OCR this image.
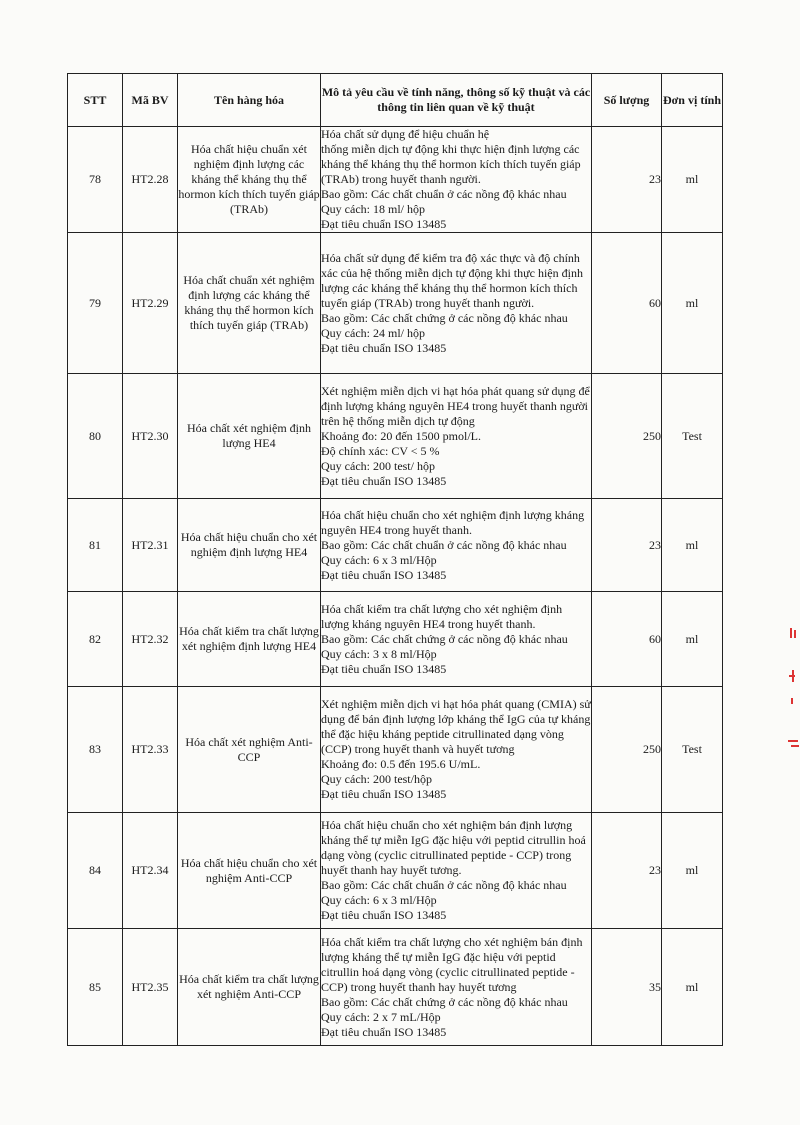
STT	Mã BV	Tên hàng hóa	Mô tả yêu cầu về tính năng, thông số kỹ thuật và các thông tin liên quan về kỹ thuật	Số lượng	Đơn vị tính
78	HT2.28	Hóa chất hiệu chuẩn xét nghiệm định lượng các kháng thể kháng thụ thể hormon kích thích tuyến giáp (TRAb)	Hóa chất sử dụng để hiệu chuẩn hệ
thống miễn dịch tự động khi thực hiện định lượng các kháng thể kháng thụ thể hormon kích thích tuyến giáp (TRAb) trong huyết thanh người.
Bao gồm: Các chất chuẩn ở các nồng độ khác nhau
Quy cách: 18 ml/ hộp
Đạt tiêu chuẩn ISO 13485	23	ml
79	HT2.29	Hóa chất chuẩn xét nghiệm định lượng các kháng thể kháng thụ thể hormon kích thích tuyến giáp (TRAb)	Hóa chất sử dụng để kiểm tra độ xác thực và độ chính xác của hệ thống miễn dịch tự động khi thực hiện định lượng các kháng thể kháng thụ thể hormon kích thích tuyến giáp (TRAb) trong huyết thanh người.
Bao gồm: Các chất chứng ở các nồng độ khác nhau
Quy cách: 24 ml/ hộp
Đạt tiêu chuẩn ISO 13485	60	ml
80	HT2.30	Hóa chất xét nghiệm định lượng HE4	Xét nghiệm miễn dịch vi hạt hóa phát quang sử dụng để định lượng kháng nguyên HE4 trong huyết thanh người trên hệ thống miễn dịch tự động
Khoảng đo: 20 đến 1500 pmol/L.
Độ chính xác: CV < 5 %
Quy cách: 200 test/ hộp
Đạt tiêu chuẩn ISO 13485	250	Test
81	HT2.31	Hóa chất hiệu chuẩn cho xét nghiệm định lượng HE4	Hóa chất hiệu chuẩn cho xét nghiệm định lượng kháng nguyên HE4 trong huyết thanh.
Bao gồm: Các chất chuẩn ở các nồng độ khác nhau
Quy cách: 6 x 3 ml/Hộp
Đạt tiêu chuẩn ISO 13485	23	ml
82	HT2.32	Hóa chất kiểm tra chất lượng xét nghiệm định lượng HE4	Hóa chất kiểm tra chất lượng cho xét nghiệm định lượng kháng nguyên HE4 trong huyết thanh.
Bao gồm: Các chất chứng ở các nồng độ khác nhau
Quy cách: 3 x 8 ml/Hộp
Đạt tiêu chuẩn ISO 13485	60	ml
83	HT2.33	Hóa chất xét nghiệm Anti-CCP	Xét nghiệm miễn dịch vi hạt hóa phát quang (CMIA) sử dụng để bán định lượng lớp kháng thể IgG của tự kháng thể đặc hiệu kháng peptide citrullinated dạng vòng
(CCP) trong huyết thanh và huyết tương
Khoảng đo: 0.5 đến 195.6 U/mL.
Quy cách: 200 test/hộp
Đạt tiêu chuẩn ISO 13485	250	Test
84	HT2.34	Hóa chất hiệu chuẩn cho xét nghiệm Anti-CCP	Hóa chất hiệu chuẩn cho xét nghiệm bán định lượng kháng thể tự miễn IgG đặc hiệu với peptid citrullin hoá dạng vòng (cyclic citrullinated peptide - CCP) trong huyết thanh hay huyết tương.
Bao gồm: Các chất chuẩn ở các nồng độ khác nhau
Quy cách: 6 x 3 ml/Hộp
Đạt tiêu chuẩn ISO 13485	23	ml
85	HT2.35	Hóa chất kiểm tra chất lượng xét nghiệm Anti-CCP	Hóa chất kiểm tra chất lượng cho xét nghiệm bán định lượng kháng thể tự miễn IgG đặc hiệu với peptid citrullin hoá dạng vòng (cyclic citrullinated peptide - CCP) trong huyết thanh hay huyết tương
Bao gồm: Các chất chứng ở các nồng độ khác nhau
Quy cách: 2 x 7 mL/Hộp
Đạt tiêu chuẩn ISO 13485	35	ml
